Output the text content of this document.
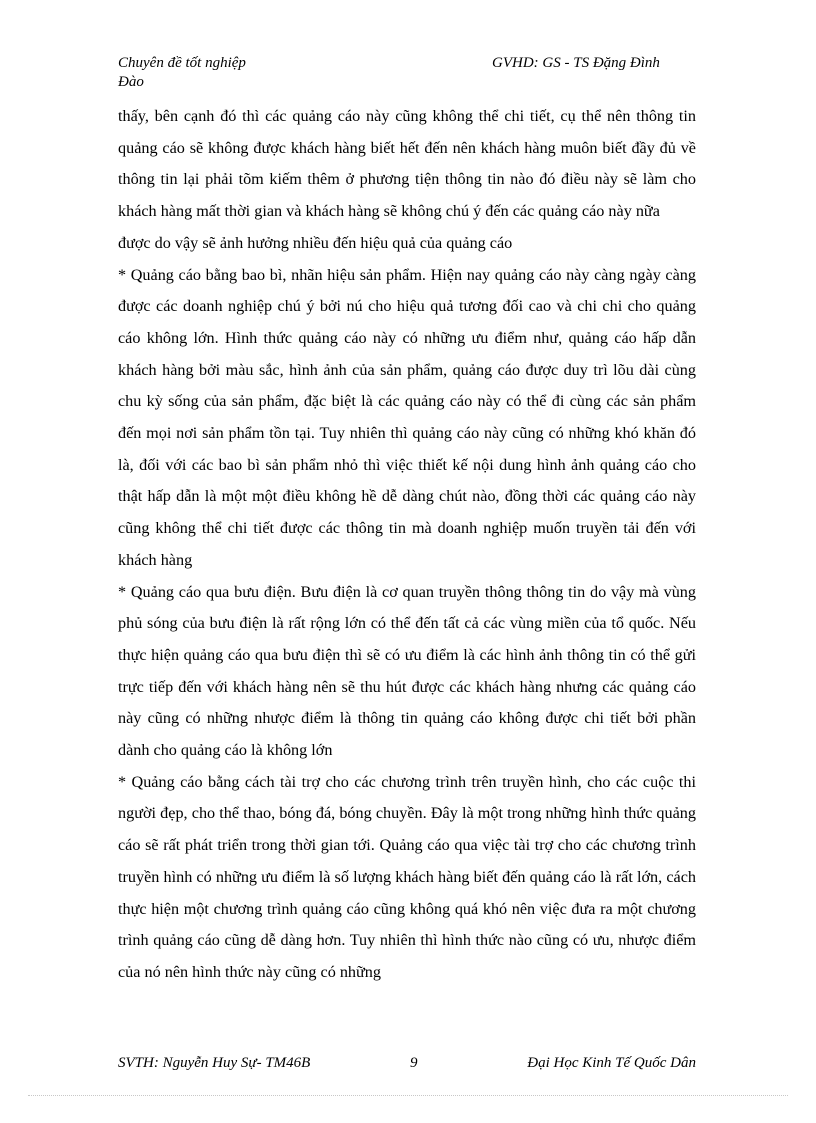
Chuyên đề tốt nghiệp	GVHD: GS - TS Đặng Đình
Đào

thấy, bên cạnh đó thì các quảng cáo này cũng không thể chi tiết, cụ thể nên thông tin quảng cáo sẽ không được khách hàng biết hết đến nên khách hàng muôn biết đầy đủ về thông tin lại phải tõm kiếm thêm ở phương tiện thông tin nào đó điều này sẽ làm cho khách hàng mất thời gian và khách hàng sẽ không chú ý đến các quảng cáo này nữa

được do vậy sẽ ảnh hưởng nhiều đến hiệu quả của quảng cáo

* Quảng cáo bằng bao bì, nhãn hiệu sản phẩm. Hiện nay quảng cáo này càng ngày càng được các doanh nghiệp chú ý bởi nú cho hiệu quả tương đối cao và chi chi cho quảng cáo không lớn. Hình thức quảng cáo này có những ưu điểm như, quảng cáo hấp dẫn khách hàng bởi màu sắc, hình ảnh của sản phẩm, quảng cáo được duy trì lõu dài cùng chu kỳ sống của sản phẩm, đặc biệt là các quảng cáo này có thể đi cùng các sản phẩm đến mọi nơi sản phẩm tồn tại. Tuy nhiên thì quảng cáo này cũng có những khó khăn đó là, đối với các bao bì sản phẩm nhỏ thì việc thiết kế nội dung hình ảnh quảng cáo cho thật hấp dẫn là một một điều không hề dễ dàng chút nào, đồng thời các quảng cáo này cũng không thể chi tiết được các thông tin mà doanh nghiệp muốn truyền tải đến với khách hàng

* Quảng cáo qua bưu điện. Bưu điện là cơ quan truyền thông thông tin do vậy mà vùng phủ sóng của bưu điện là rất rộng lớn có thể đến tất cả các vùng miền của tổ quốc. Nếu thực hiện quảng cáo qua bưu điện thì sẽ có ưu điểm là các hình ảnh thông tin có thể gửi trực tiếp đến với khách hàng nên sẽ thu hút được các khách hàng nhưng các quảng cáo này cũng có những nhược điểm là thông tin quảng cáo không được chi tiết bởi phần dành cho quảng cáo là không lớn

* Quảng cáo bằng cách tài trợ cho các chương trình trên truyền hình, cho các cuộc thi người đẹp, cho thể thao, bóng đá, bóng chuyền. Đây là một trong những hình thức quảng cáo sẽ rất phát triển trong thời gian tới. Quảng cáo qua việc tài trợ cho các chương trình truyền hình có những ưu điểm là số lượng khách hàng biết đến quảng cáo là rất lớn, cách thực hiện một chương trình quảng cáo cũng không quá khó nên việc đưa ra một chương trình quảng cáo cũng dễ dàng hơn. Tuy nhiên thì hình thức nào cũng có ưu, nhược điểm của nó nên hình thức này cũng có những

SVTH: Nguyễn Huy Sự- TM46B	9	Đại Học Kinh Tế Quốc Dân
